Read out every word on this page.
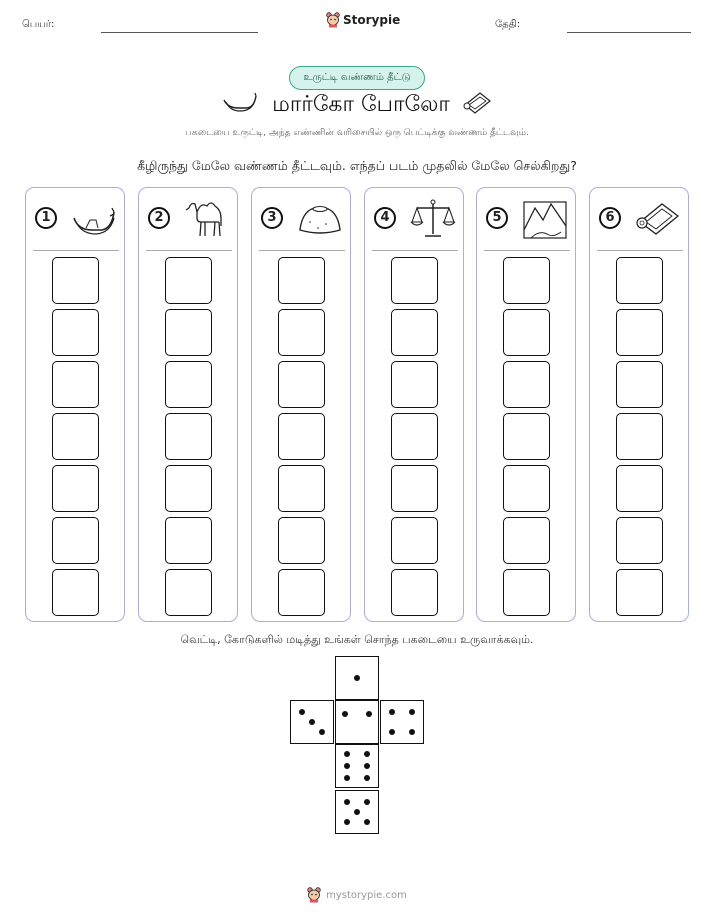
பெயர்:	Storypie	தேதி:
உருட்டி வண்ணம் தீட்டு
மார்கோ போலோ
பகடையை உருட்டி, அந்த எண்ணின் வரிசையில் ஒரு பெட்டிக்கு வண்ணம் தீட்டவும்.
கீழிருந்து மேலே வண்ணம் தீட்டவும். எந்தப் படம் முதலில் மேலே செல்கிறது?
1	2	3	4	5	6
வெட்டி, கோடுகளில் மடித்து உங்கள் சொந்த பகடையை உருவாக்கவும்.
mystorypie.com
